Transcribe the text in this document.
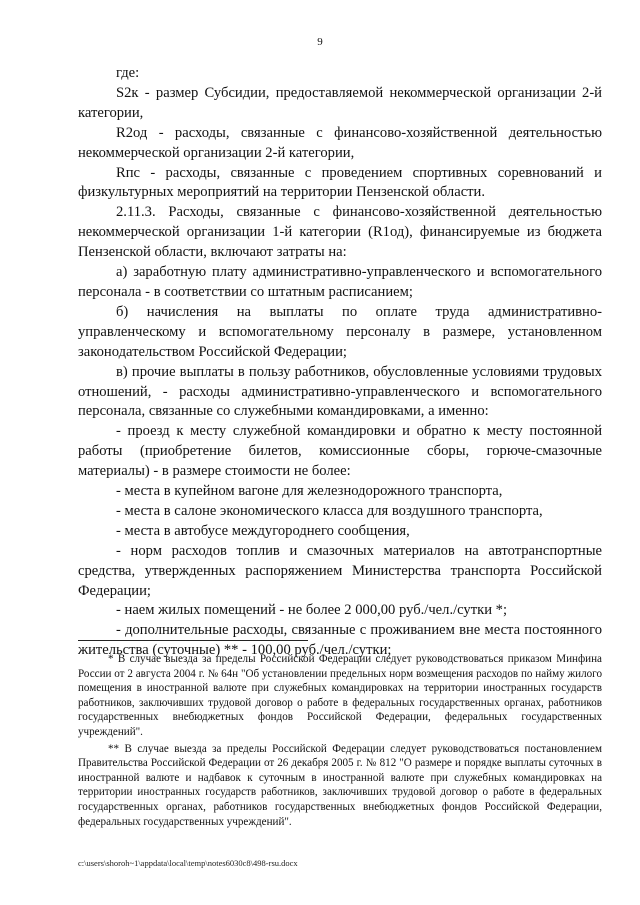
9

где:

S2к - размер Субсидии, предоставляемой некоммерческой организации 2-й категории,

R2од - расходы, связанные с финансово-хозяйственной деятельностью некоммерческой организации 2-й категории,

Rпс - расходы, связанные с проведением спортивных соревнований и физкультурных мероприятий на территории Пензенской области.

2.11.3. Расходы, связанные с финансово-хозяйственной деятельностью некоммерческой организации 1-й категории (R1од), финансируемые из бюджета Пензенской области, включают затраты на:

а) заработную плату административно-управленческого и вспомогательного персонала - в соответствии со штатным расписанием;

б) начисления на выплаты по оплате труда административно-управленческому и вспомогательному персоналу в размере, установленном законодательством Российской Федерации;

в) прочие выплаты в пользу работников, обусловленные условиями трудовых отношений, - расходы административно-управленческого и вспомогательного персонала, связанные со служебными командировками, а именно:

- проезд к месту служебной командировки и обратно к месту постоянной работы (приобретение билетов, комиссионные сборы, горюче-смазочные материалы) - в размере стоимости не более:

- места в купейном вагоне для железнодорожного транспорта,

- места в салоне экономического класса для воздушного транспорта,

- места в автобусе междугороднего сообщения,

- норм расходов топлив и смазочных материалов на автотранспортные средства, утвержденных распоряжением Министерства транспорта Российской Федерации;

- наем жилых помещений - не более 2 000,00 руб./чел./сутки *;

- дополнительные расходы, связанные с проживанием вне места постоянного жительства (суточные) ** - 100,00 руб./чел./сутки;

* В случае выезда за пределы Российской Федерации следует руководствоваться приказом Минфина России от 2 августа 2004 г. № 64н "Об установлении предельных норм возмещения расходов по найму жилого помещения в иностранной валюте при служебных командировках на территории иностранных государств работников, заключивших трудовой договор о работе в федеральных государственных органах, работников государственных внебюджетных фондов Российской Федерации, федеральных государственных учреждений".

** В случае выезда за пределы Российской Федерации следует руководствоваться постановлением Правительства Российской Федерации от 26 декабря 2005 г. № 812 "О размере и порядке выплаты суточных в иностранной валюте и надбавок к суточным в иностранной валюте при служебных командировках на территории иностранных государств работников, заключивших трудовой договор о работе в федеральных государственных органах, работников государственных внебюджетных фондов Российской Федерации, федеральных государственных учреждений".

c:\users\shoroh~1\appdata\local\temp\notes6030c8\498-rsu.docx
